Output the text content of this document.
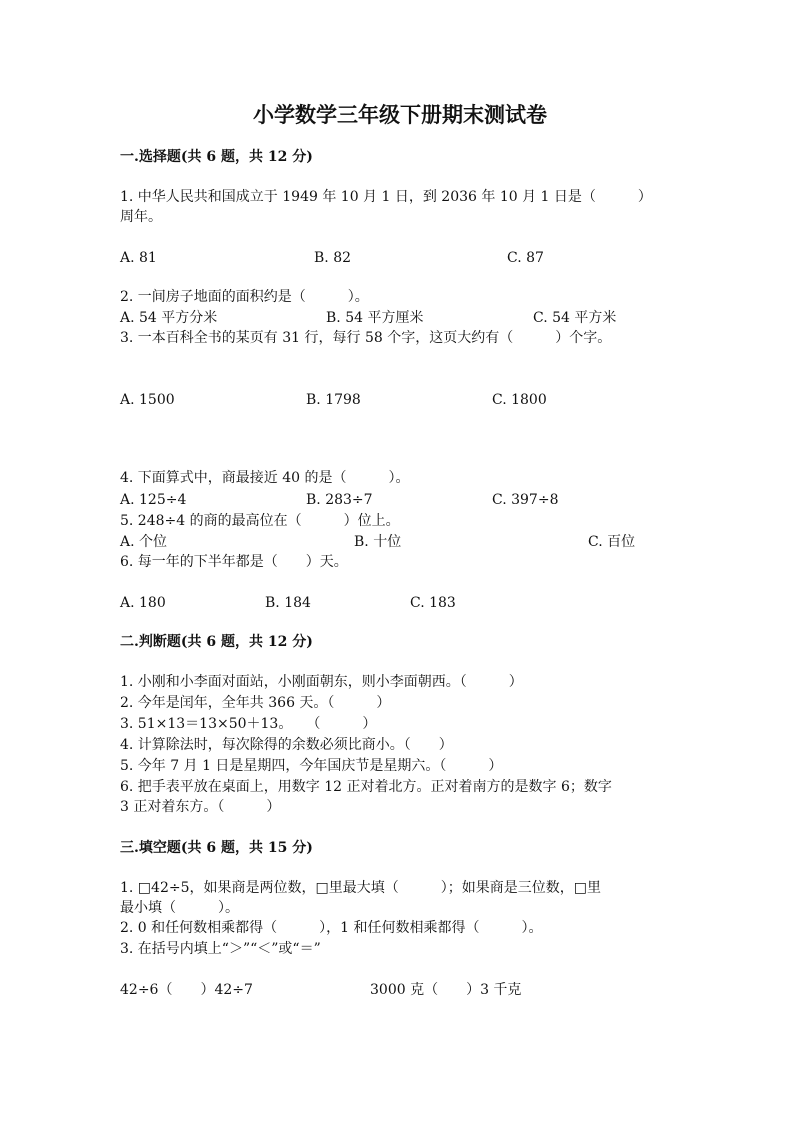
小学数学三年级下册期末测试卷
一.选择题(共 6 题，共 12 分)
1. 中华人民共和国成立于 1949 年 10 月 1 日，到 2036 年 10 月 1 日是（　　　）
周年。
A. 81	B. 82	C. 87
2. 一间房子地面的面积约是（　　　）。
A. 54 平方分米	B. 54 平方厘米	C. 54 平方米
3. 一本百科全书的某页有 31 行，每行 58 个字，这页大约有（　　　）个字。
A. 1500	B. 1798	C. 1800
4. 下面算式中，商最接近 40 的是（　　　）。
A. 125÷4	B. 283÷7	C. 397÷8
5. 248÷4 的商的最高位在（　　　）位上。
A. 个位	B. 十位	C. 百位
6. 每一年的下半年都是（　　）天。
A. 180	B. 184	C. 183
二.判断题(共 6 题，共 12 分)
1. 小刚和小李面对面站，小刚面朝东，则小李面朝西。（　　　）
2. 今年是闰年，全年共 366 天。（　　　）
3. 51×13＝13×50＋13。　　（　　　）
4. 计算除法时，每次除得的余数必须比商小。（　　）
5. 今年 7 月 1 日是星期四，今年国庆节是星期六。（　　　）
6. 把手表平放在桌面上，用数字 12 正对着北方。正对着南方的是数字 6；数字
3 正对着东方。（　　　）
三.填空题(共 6 题，共 15 分)
1. □42÷5，如果商是两位数，□里最大填（　　　）；如果商是三位数，□里
最小填（　　　）。
2. 0 和任何数相乘都得（　　　），1 和任何数相乘都得（　　　）。
3. 在括号内填上“＞”“＜”或“＝”
42÷6（　　）42÷7	3000 克（　　）3 千克
